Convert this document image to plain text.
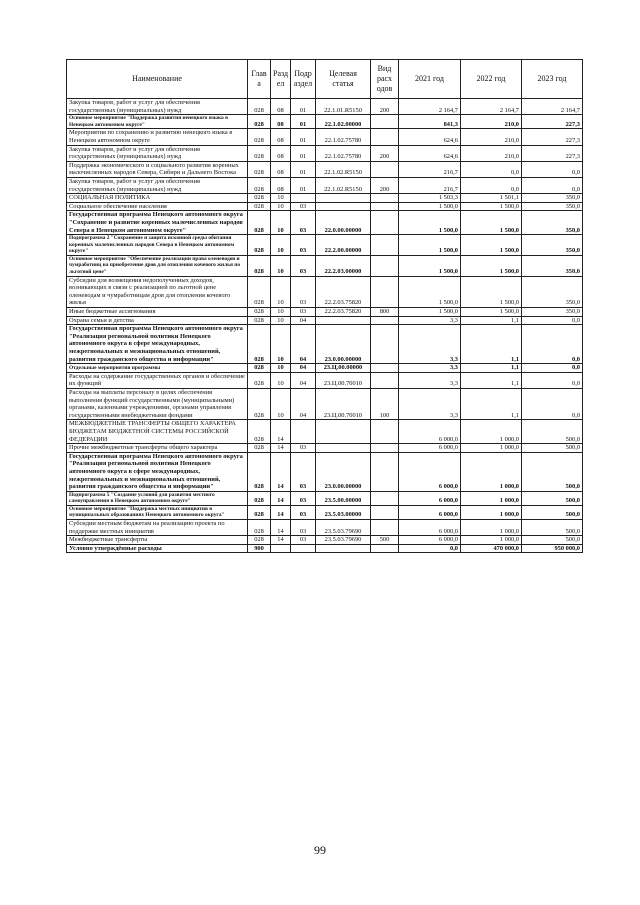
Наименование	Глав а	Разд ел	Подр аздел	Целевая статья	Вид расх одов	2021 год	2022 год	2023 год
Закупка товаров, работ и услуг для обеспечения государственных (муниципальных) нужд	028	08	01	22.1.01.R5150	200	2 164,7	2 164,7	2 164,7
Основное мероприятие "Поддержка развития ненецкого языка в Ненецком автономном округе"	028	08	01	22.1.02.00000		841,3	210,0	227,3
Мероприятия по сохранению и развитию ненецкого языка в Ненецком автономном округе	028	08	01	22.1.02.75780		624,6	210,0	227,3
Закупка товаров, работ и услуг для обеспечения государственных (муниципальных) нужд	028	08	01	22.1.02.75780	200	624,6	210,0	227,3
Поддержка экономического и социального развития коренных малочисленных народов Севера, Сибири и Дальнего Востока	028	08	01	22.1.02.R5150		216,7	0,0	0,0
Закупка товаров, работ и услуг для обеспечения государственных (муниципальных) нужд	028	08	01	22.1.02.R5150	200	216,7	0,0	0,0
СОЦИАЛЬНАЯ ПОЛИТИКА	028	10				1 503,3	1 501,1	350,0
Социальное обеспечение населения	028	10	03			1 500,0	1 500,0	350,0
Государственная программа Ненецкого автономного округа "Сохранение и развитие коренных малочисленных народов Севера в Ненецком автономном округе"	028	10	03	22.0.00.00000		1 500,0	1 500,0	350,0
Подпрограмма 2 "Сохранение и защита исконной среды обитания коренных малочисленных народов Севера в Ненецком автономном округе"	028	10	03	22.2.00.00000		1 500,0	1 500,0	350,0
Основное мероприятие "Обеспечение реализации права оленеводов и чумработниц на приобретение дров для отопления кочевого жилья по льготной цене"	028	10	03	22.2.03.00000		1 500,0	1 500,0	350,0
Субсидии для возмещения недополученных доходов, возникающих в связи с реализацией по льготной цене оленеводам и чумработницам дров для отопления кочевого жилья	028	10	03	22.2.03.75820		1 500,0	1 500,0	350,0
Иные бюджетные ассигнования	028	10	03	22.2.03.75820	800	1 500,0	1 500,0	350,0
Охрана семьи и детства	028	10	04			3,3	1,1	0,0
Государственная программа Ненецкого автономного округа "Реализация региональной политики Ненецкого автономного округа в сфере международных, межрегиональных и межнациональных отношений, развития гражданского общества и информации"	028	10	04	23.0.00.00000		3,3	1,1	0,0
Отдельные мероприятия программы	028	10	04	23.Ц.00.00000		3,3	1,1	0,0
Расходы на содержание государственных органов и обеспечение их функций	028	10	04	23.Ц.00.70010		3,3	1,1	0,0
Расходы на выплаты персоналу в целях обеспечения выполнения функций государственными (муниципальными) органами, казенными учреждениями, органами управления государственными внебюджетными фондами	028	10	04	23.Ц.00.70010	100	3,3	1,1	0,0
МЕЖБЮДЖЕТНЫЕ ТРАНСФЕРТЫ ОБЩЕГО ХАРАКТЕРА БЮДЖЕТАМ БЮДЖЕТНОЙ СИСТЕМЫ РОССИЙСКОЙ ФЕДЕРАЦИИ	028	14				6 000,0	1 000,0	500,0
Прочие межбюджетные трансферты общего характера	028	14	03			6 000,0	1 000,0	500,0
Государственная программа Ненецкого автономного округа "Реализация региональной политики Ненецкого автономного округа в сфере международных, межрегиональных и межнациональных отношений, развития гражданского общества и информации"	028	14	03	23.0.00.00000		6 000,0	1 000,0	500,0
Подпрограмма 5 "Создание условий для развития местного самоуправления в Ненецком автономном округе"	028	14	03	23.5.00.00000		6 000,0	1 000,0	500,0
Основное мероприятие "Поддержка местных инициатив в муниципальных образованиях Ненецкого автономного округа"	028	14	03	23.5.03.00000		6 000,0	1 000,0	500,0
Субсидии местным бюджетам на реализацию проекта по поддержке местных инициатив	028	14	03	23.5.03.79690		6 000,0	1 000,0	500,0
Межбюджетные трансферты	028	14	03	23.5.03.79690	500	6 000,0	1 000,0	500,0
Условно утверждённые расходы	900					0,0	470 000,0	950 000,0
99
